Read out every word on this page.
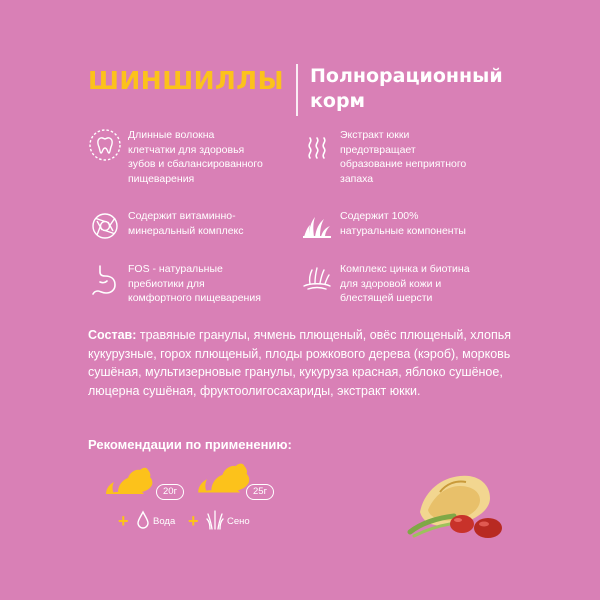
ШИНШИЛЛЫ Полнорационный корм
Длинные волокна
клетчатки для здоровья
зубов и сбалансированного
пищеварения
Экстракт юкки
предотвращает
образование неприятного
запаха
Содержит витаминно-
минеральный комплекс
Содержит 100%
натуральные компоненты
FOS - натуральные
пребиотики для
комфортного пищеварения
Комплекс цинка и биотина
для здоровой кожи и
блестящей шерсти
Состав: травяные гранулы, ячмень плющеный, овёс плющеный, хлопья кукурузные, горох плющеный, плоды рожкового дерева (кэроб), морковь сушёная, мультизерновые гранулы, кукуруза красная, яблоко сушёное, люцерна сушёная, фруктоолигосахариды, экстракт юкки.
Рекомендации по применению:
20г	25г
+	Вода +	Сено
